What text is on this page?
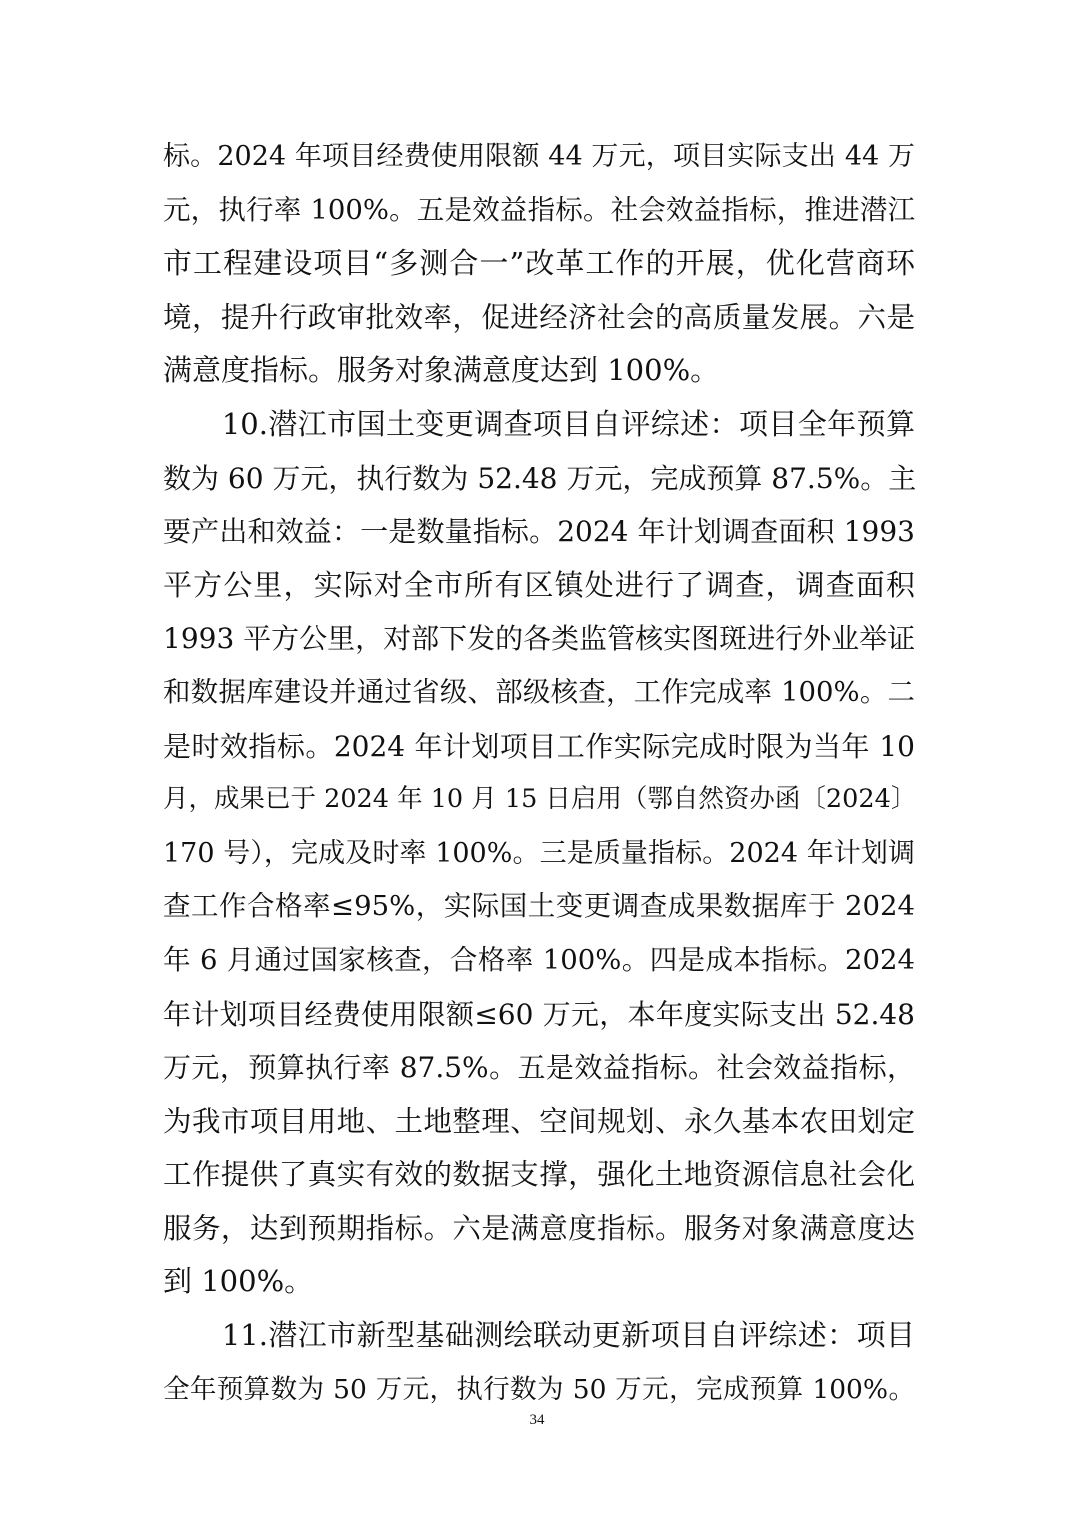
标。2024 年项目经费使用限额 44 万元，项目实际支出 44 万
元，执行率 100%。五是效益指标。社会效益指标，推进潜江
市工程建设项目“多测合一”改革工作的开展，优化营商环
境，提升行政审批效率，促进经济社会的高质量发展。六是
满意度指标。服务对象满意度达到 100%。
　　10.潜江市国土变更调查项目自评综述：项目全年预算
数为 60 万元，执行数为 52.48 万元，完成预算 87.5%。主
要产出和效益：一是数量指标。2024 年计划调查面积 1993
平方公里，实际对全市所有区镇处进行了调查，调查面积
1993 平方公里，对部下发的各类监管核实图斑进行外业举证
和数据库建设并通过省级、部级核查，工作完成率 100%。二
是时效指标。2024 年计划项目工作实际完成时限为当年 10
月，成果已于 2024 年 10 月 15 日启用（鄂自然资办函〔2024〕
170 号），完成及时率 100%。三是质量指标。2024 年计划调
查工作合格率≤95%，实际国土变更调查成果数据库于 2024
年 6 月通过国家核查，合格率 100%。四是成本指标。2024
年计划项目经费使用限额≤60 万元，本年度实际支出 52.48
万元，预算执行率 87.5%。五是效益指标。社会效益指标，
为我市项目用地、土地整理、空间规划、永久基本农田划定
工作提供了真实有效的数据支撑，强化土地资源信息社会化
服务，达到预期指标。六是满意度指标。服务对象满意度达
到 100%。
　　11.潜江市新型基础测绘联动更新项目自评综述：项目
全年预算数为 50 万元，执行数为 50 万元，完成预算 100%。
34
